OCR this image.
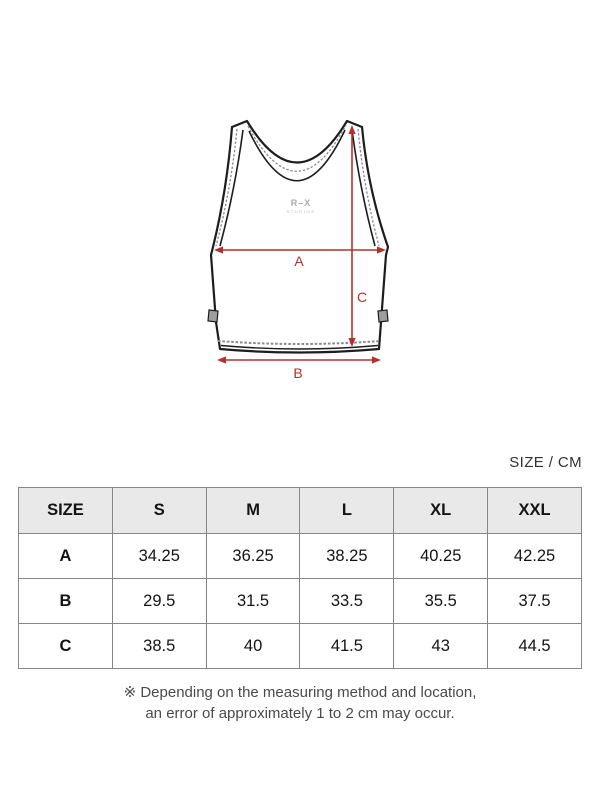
R–X
STUDIOS
A
C
B
SIZE / CM
SIZE	S	M	L	XL	XXL
A	34.25	36.25	38.25	40.25	42.25
B	29.5	31.5	33.5	35.5	37.5
C	38.5	40	41.5	43	44.5
※ Depending on the measuring method and location,
an error of approximately 1 to 2 cm may occur.
